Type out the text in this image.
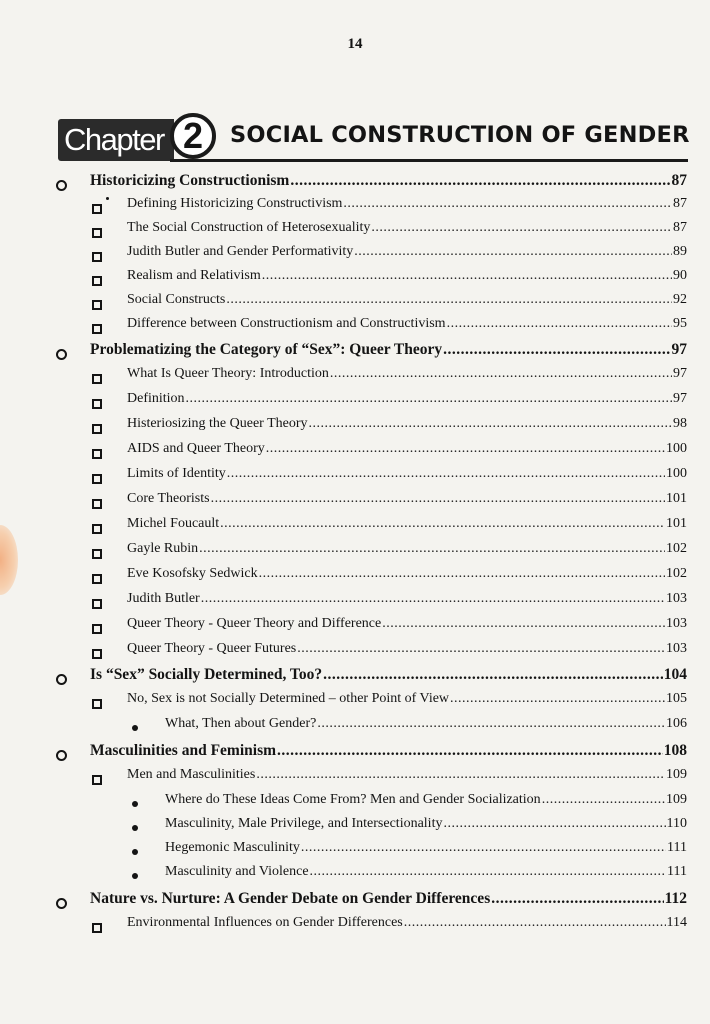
14
Chapter 2	SOCIAL CONSTRUCTION OF GENDER
Historicizing Constructionism .....	87
Defining Historicizing Constructivism .....	87
The Social Construction of Heterosexuality .....	87
Judith Butler and Gender Performativity .....	89
Realism and Relativism .....	90
Social Constructs .....	92
Difference between Constructionism and Constructivism .....	95
Problematizing the Category of “Sex”: Queer Theory .....	97
What Is Queer Theory: Introduction .....	97
Definition .....	97
Histeriosizing the Queer Theory .....	98
AIDS and Queer Theory .....	100
Limits of Identity .....	100
Core Theorists .....	101
Michel Foucault .....	101
Gayle Rubin .....	102
Eve Kosofsky Sedwick .....	102
Judith Butler .....	103
Queer Theory - Queer Theory and Difference .....	103
Queer Theory - Queer Futures .....	103
Is “Sex” Socially Determined, Too? .....	104
No, Sex is not Socially Determined – other Point of View .....	105
What, Then about Gender? .....	106
Masculinities and Feminism .....	108
Men and Masculinities .....	109
Where do These Ideas Come From? Men and Gender Socialization .....	109
Masculinity, Male Privilege, and Intersectionality .....	110
Hegemonic Masculinity .....	111
Masculinity and Violence .....	111
Nature vs. Nurture: A Gender Debate on Gender Differences .....	112
Environmental Influences on Gender Differences .....	114
